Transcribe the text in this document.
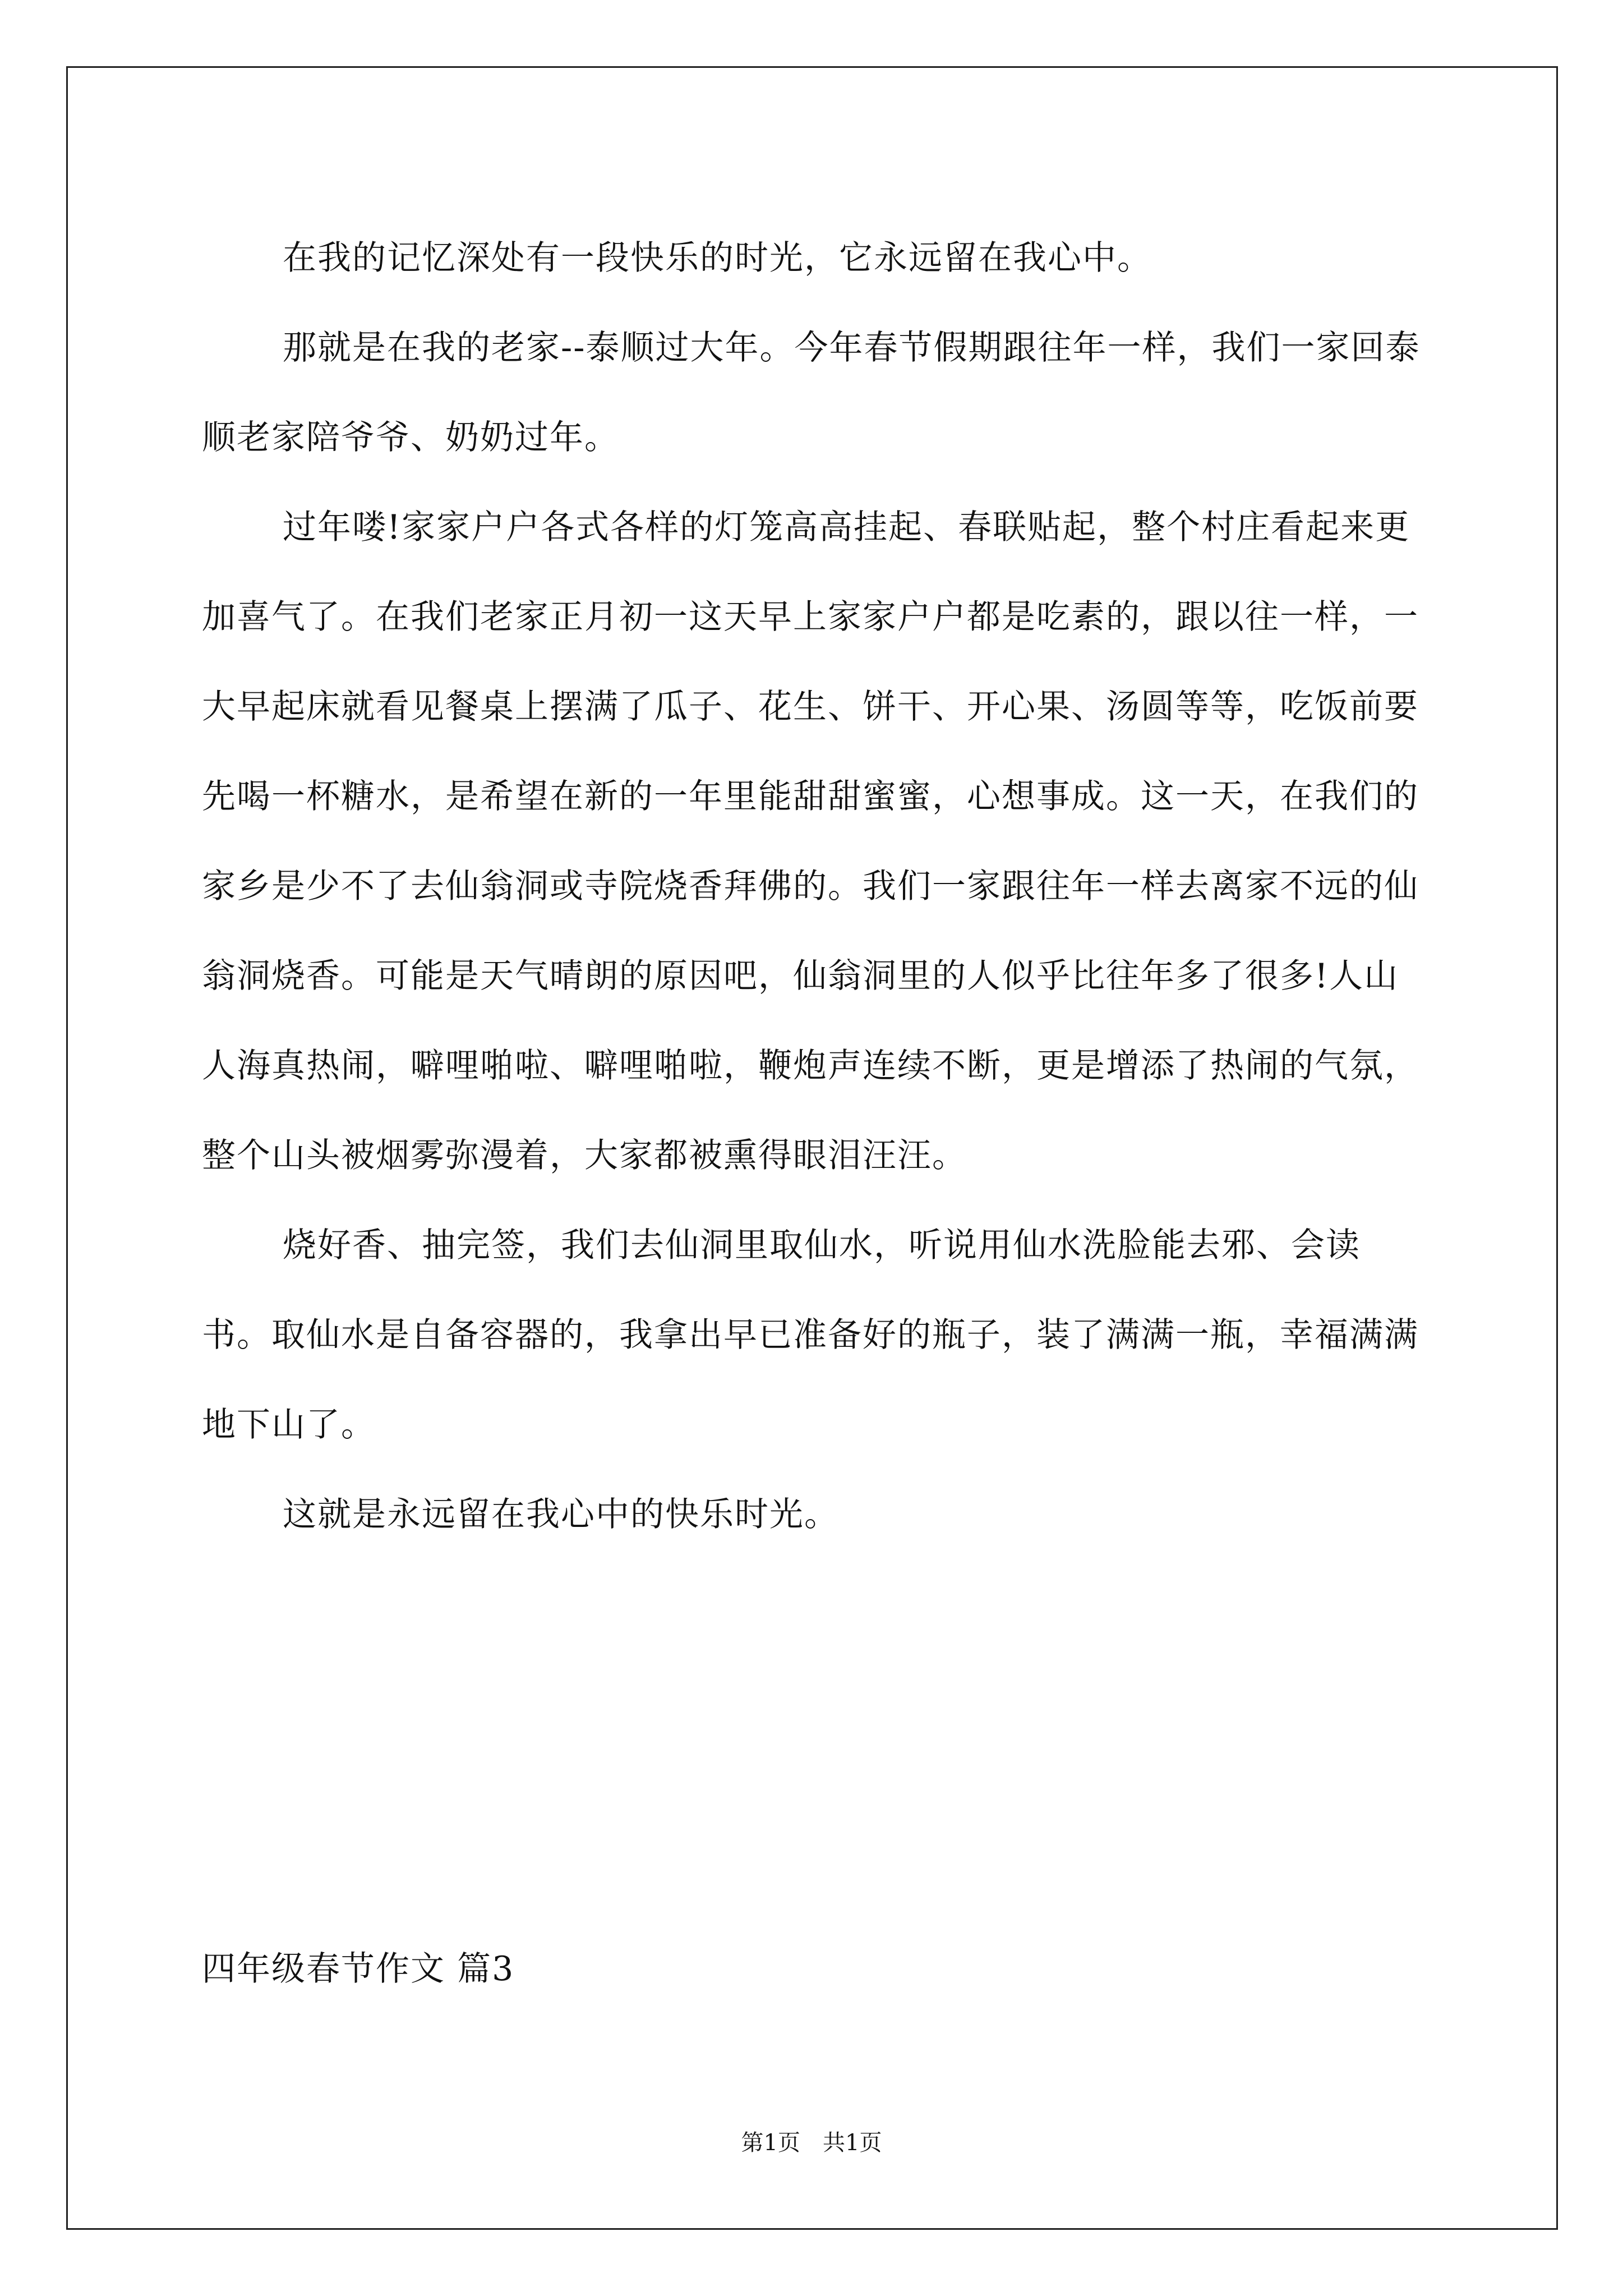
在我的记忆深处有一段快乐的时光，它永远留在我心中。

那就是在我的老家--泰顺过大年。今年春节假期跟往年一样，我们一家回泰顺老家陪爷爷、奶奶过年。

过年喽!家家户户各式各样的灯笼高高挂起、春联贴起，整个村庄看起来更加喜气了。在我们老家正月初一这天早上家家户户都是吃素的，跟以往一样，一大早起床就看见餐桌上摆满了瓜子、花生、饼干、开心果、汤圆等等，吃饭前要先喝一杯糖水，是希望在新的一年里能甜甜蜜蜜，心想事成。这一天，在我们的家乡是少不了去仙翁洞或寺院烧香拜佛的。我们一家跟往年一样去离家不远的仙翁洞烧香。可能是天气晴朗的原因吧，仙翁洞里的人似乎比往年多了很多!人山人海真热闹，噼哩啪啦、噼哩啪啦，鞭炮声连续不断，更是增添了热闹的气氛，整个山头被烟雾弥漫着，大家都被熏得眼泪汪汪。

烧好香、抽完签，我们去仙洞里取仙水，听说用仙水洗脸能去邪、会读书。取仙水是自备容器的，我拿出早已准备好的瓶子，装了满满一瓶，幸福满满地下山了。

这就是永远留在我心中的快乐时光。

四年级春节作文 篇3
第1页 共1页
